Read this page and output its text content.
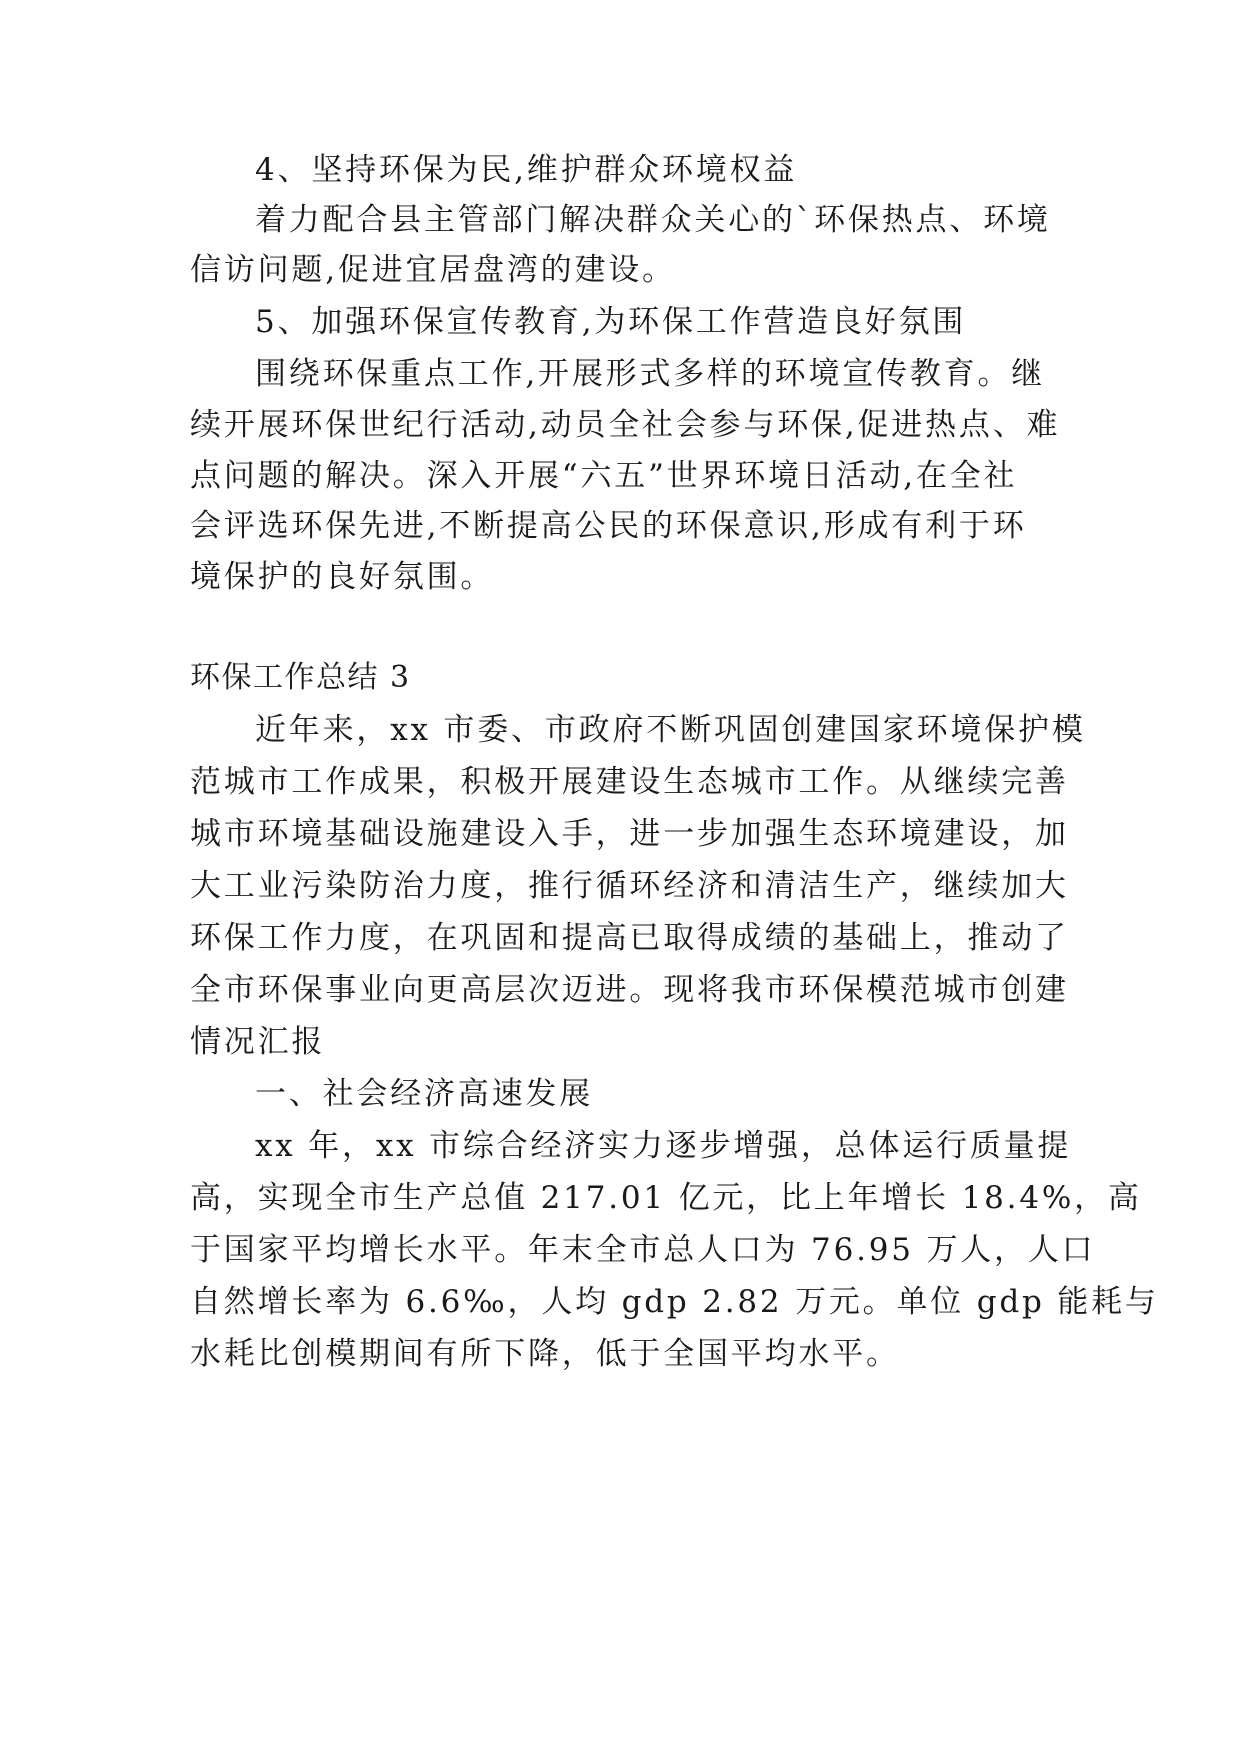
4、坚持环保为民,维护群众环境权益
着力配合县主管部门解决群众关心的`环保热点、环境
信访问题,促进宜居盘湾的建设。
5、加强环保宣传教育,为环保工作营造良好氛围
围绕环保重点工作,开展形式多样的环境宣传教育。继
续开展环保世纪行活动,动员全社会参与环保,促进热点、难
点问题的解决。深入开展“六五”世界环境日活动,在全社
会评选环保先进,不断提高公民的环保意识,形成有利于环
境保护的良好氛围。
环保工作总结 3
近年来，xx 市委、市政府不断巩固创建国家环境保护模
范城市工作成果，积极开展建设生态城市工作。从继续完善
城市环境基础设施建设入手，进一步加强生态环境建设，加
大工业污染防治力度，推行循环经济和清洁生产，继续加大
环保工作力度，在巩固和提高已取得成绩的基础上，推动了
全市环保事业向更高层次迈进。现将我市环保模范城市创建
情况汇报
一、社会经济高速发展
xx 年，xx 市综合经济实力逐步增强，总体运行质量提
高，实现全市生产总值 217.01 亿元，比上年增长 18.4%，高
于国家平均增长水平。年末全市总人口为 76.95 万人，人口
自然增长率为 6.6‰，人均 gdp 2.82 万元。单位 gdp 能耗与
水耗比创模期间有所下降，低于全国平均水平。
